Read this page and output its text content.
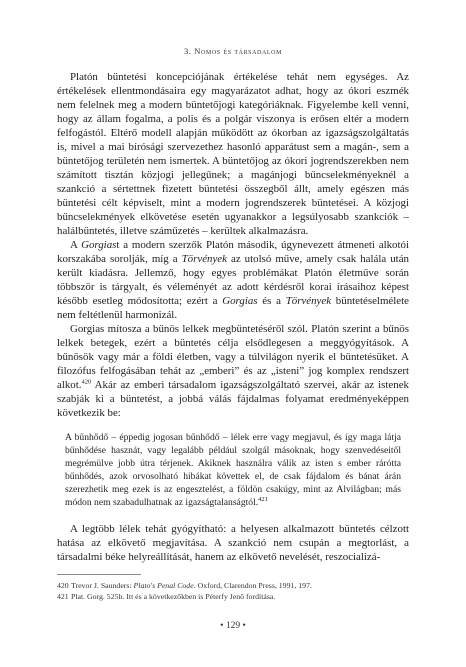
3. Nomos és társadalom

Platón büntetési koncepciójának értékelése tehát nem egységes. Az értékelések ellentmondásaira egy magyarázatot adhat, hogy az ókori eszmék nem felelnek meg a modern büntetőjogi kategóriáknak. Figyelembe kell venni, hogy az állam fogalma, a polis és a polgár viszonya is erősen eltér a modern felfogástól. Eltérő modell alapján működött az ókorban az igazságszolgáltatás is, mivel a mai bírósági szervezethez hasonló apparátust sem a magán-, sem a büntetőjog területén nem ismertek. A büntetőjog az ókori jogrendszerekben nem számított tisztán közjogi jellegűnek; a magánjogi bűncselekményeknél a szankció a sértettnek fizetett büntetési összegből állt, amely egészen más büntetési célt képviselt, mint a modern jogrendszerek büntetései. A közjogi bűncselekmények elkövetése esetén ugyanakkor a legsúlyosabb szankciók – halálbüntetés, illetve száműzetés – kerültek alkalmazásra.

A Gorgiast a modern szerzők Platón második, úgynevezett átmeneti alkotói korszakába sorolják, míg a Törvények az utolsó műve, amely csak halála után került kiadásra. Jellemző, hogy egyes problémákat Platón életműve során többször is tárgyalt, és véleményét az adott kérdésről korai írásaihoz képest később esetleg módosította; ezért a Gorgias és a Törvények büntetéselmélete nem feltétlenül harmonizál.

Gorgias mítosza a bűnös lelkek megbüntetéséről szól. Platón szerint a bűnös lelkek betegek, ezért a büntetés célja elsődlegesen a meggyógyítások. A bűnösök vagy már a földi életben, vagy a túlvilágon nyerik el büntetésüket. A filozófus felfogásában tehát az „emberi” és az „isteni” jog komplex rendszert alkot.$^{420}$ Akár az emberi társadalom igazságszolgáltató szervei, akár az istenek szabják ki a büntetést, a jobbá válás fájdalmas folyamat eredményeképpen következik be:

A bűnhődő – éppedig jogosan bűnhődő – lélek erre vagy megjavul, és így maga látja bűnhődése hasznát, vagy legalább például szolgál másoknak, hogy szenvedéseitől megrémülve jobb útra térjenek. Akiknek használra válik az isten s ember rárótta bűnhődés, azok orvosolható hibákat követtek el, de csak fájdalom és bánat árán szerezhetik meg ezek is az engesztelést, a földön csakúgy, mint az Alvilágban; más módon nem szabadulhatnak az igazságtalanságtól.$^{421}$

A legtöbb lélek tehát gyógyítható: a helyesen alkalmazott büntetés célzott hatása az elkövető megjavítása. A szankció nem csupán a megtorlást, a társadalmi béke helyreállítását, hanem az elkövető nevelését, reszocializá-

420 Trevor J. Saunders: Plato's Penal Code. Oxford, Clarendon Press, 1991, 197.
421 Plat. Gorg. 525b. Itt és a következőkben is Péterfy Jenő fordítása.
• 129 •
